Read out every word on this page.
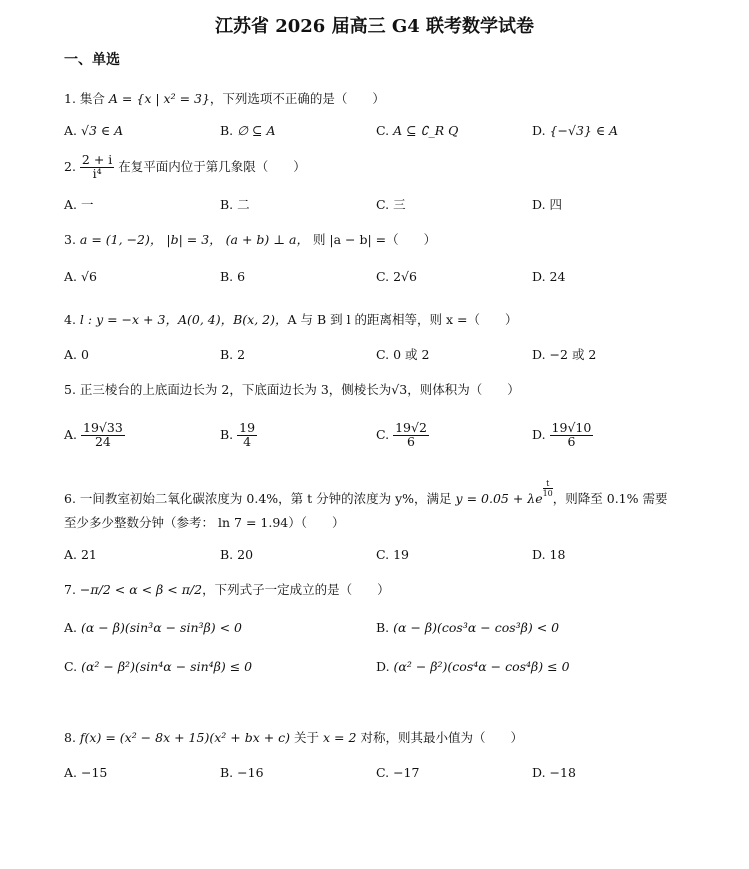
江苏省 2026 届高三 G4 联考数学试卷
一、单选
1. 集合 A = {x | x² = 3}，下列选项不正确的是（　　）
A. √3 ∈ A	B. ∅ ⊆ A	C. A ⊆ ∁_R Q	D. {−√3} ∈ A
2. $\frac{2 + i}{\text{i⁴}}$ 在复平面内位于第几象限（　　）
A. 一	B. 二	C. 三	D. 四
3. a = (1, −2)， |b| = 3， (a + b) ⊥ a， 则 |a − b| =（　　）
A. √6	B. 6	C. 2√6	D. 24
4. l : y = −x + 3，A(0, 4)，B(x, 2)，A 与 B 到 l 的距离相等，则 x =（　　）
A. 0	B. 2	C. 0 或 2	D. −2 或 2
5. 正三棱台的上底面边长为 2，下底面边长为 3，侧棱长为√3，则体积为（　　）
A. $\frac{19√33}{24}$	B. $\frac{19}{4}$	C. $\frac{19√2}{6}$	D. $\frac{19√10}{6}$
6. 一间教室初始二氧化碳浓度为 0.4%，第 t 分钟的浓度为 y%，满足 y = 0.05 + λe
$\frac{t}{10}$
，则降至 0.1% 需要
至少多少整数分钟（参考： ln 7 = 1.94）（　　）
A. 21	B. 20	C. 19	D. 18
7. −π/2 < α < β < π/2，下列式子一定成立的是（　　）
A. (α − β)(sin³α − sin³β) < 0	B. (α − β)(cos³α − cos³β) < 0
C. (α² − β²)(sin⁴α − sin⁴β) ≤ 0	D. (α² − β²)(cos⁴α − cos⁴β) ≤ 0
8. f(x) = (x² − 8x + 15)(x² + bx + c) 关于 x = 2 对称，则其最小值为（　　）
A. −15	B. −16	C. −17	D. −18
